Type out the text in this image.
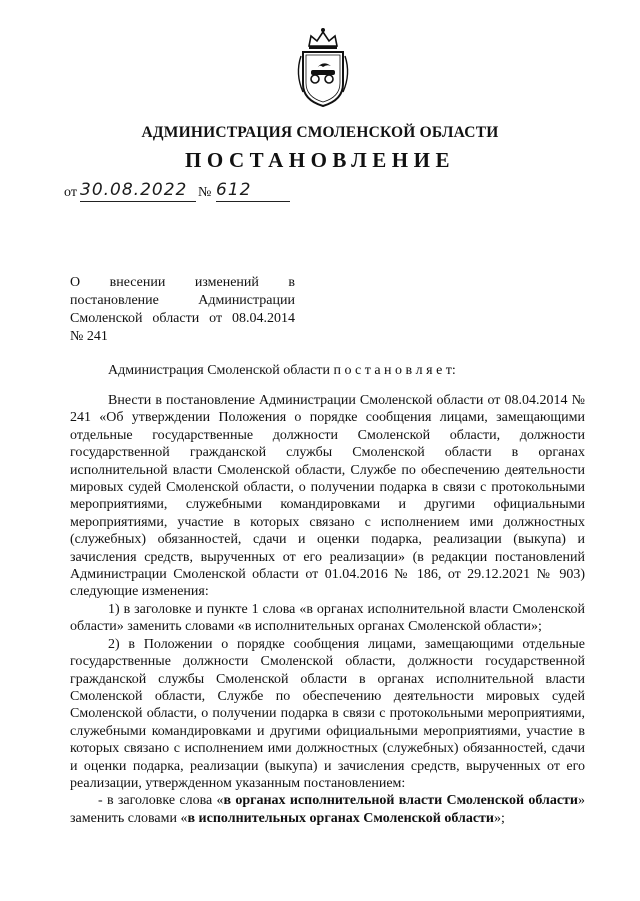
АДМИНИСТРАЦИЯ СМОЛЕНСКОЙ ОБЛАСТИ
ПОСТАНОВЛЕНИЕ
от 30.08.2022 № 612
О внесении изменений в
постановление Администрации
Смоленской области от 08.04.2014
№ 241
Администрация Смоленской области п о с т а н о в л я е т:

Внести в постановление Администрации Смоленской области от 08.04.2014 № 241 «Об утверждении Положения о порядке сообщения лицами, замещающими отдельные государственные должности Смоленской области, должности государственной гражданской службы Смоленской области в органах исполнительной власти Смоленской области, Службе по обеспечению деятельности мировых судей Смоленской области, о получении подарка в связи с протокольными мероприятиями, служебными командировками и другими официальными мероприятиями, участие в которых связано с исполнением ими должностных (служебных) обязанностей, сдачи и оценки подарка, реализации (выкупа) и зачисления средств, вырученных от его реализации» (в редакции постановлений Администрации Смоленской области от 01.04.2016 № 186, от 29.12.2021 № 903) следующие изменения:

1) в заголовке и пункте 1 слова «в органах исполнительной власти Смоленской области» заменить словами «в исполнительных органах Смоленской области»;

2) в Положении о порядке сообщения лицами, замещающими отдельные государственные должности Смоленской области, должности государственной гражданской службы Смоленской области в органах исполнительной власти Смоленской области, Службе по обеспечению деятельности мировых судей Смоленской области, о получении подарка в связи с протокольными мероприятиями, служебными командировками и другими официальными мероприятиями, участие в которых связано с исполнением ими должностных (служебных) обязанностей, сдачи и оценки подарка, реализации (выкупа) и зачисления средств, вырученных от его реализации, утвержденном указанным постановлением:

- в заголовке слова «в органах исполнительной власти Смоленской области» заменить словами «в исполнительных органах Смоленской области»;
